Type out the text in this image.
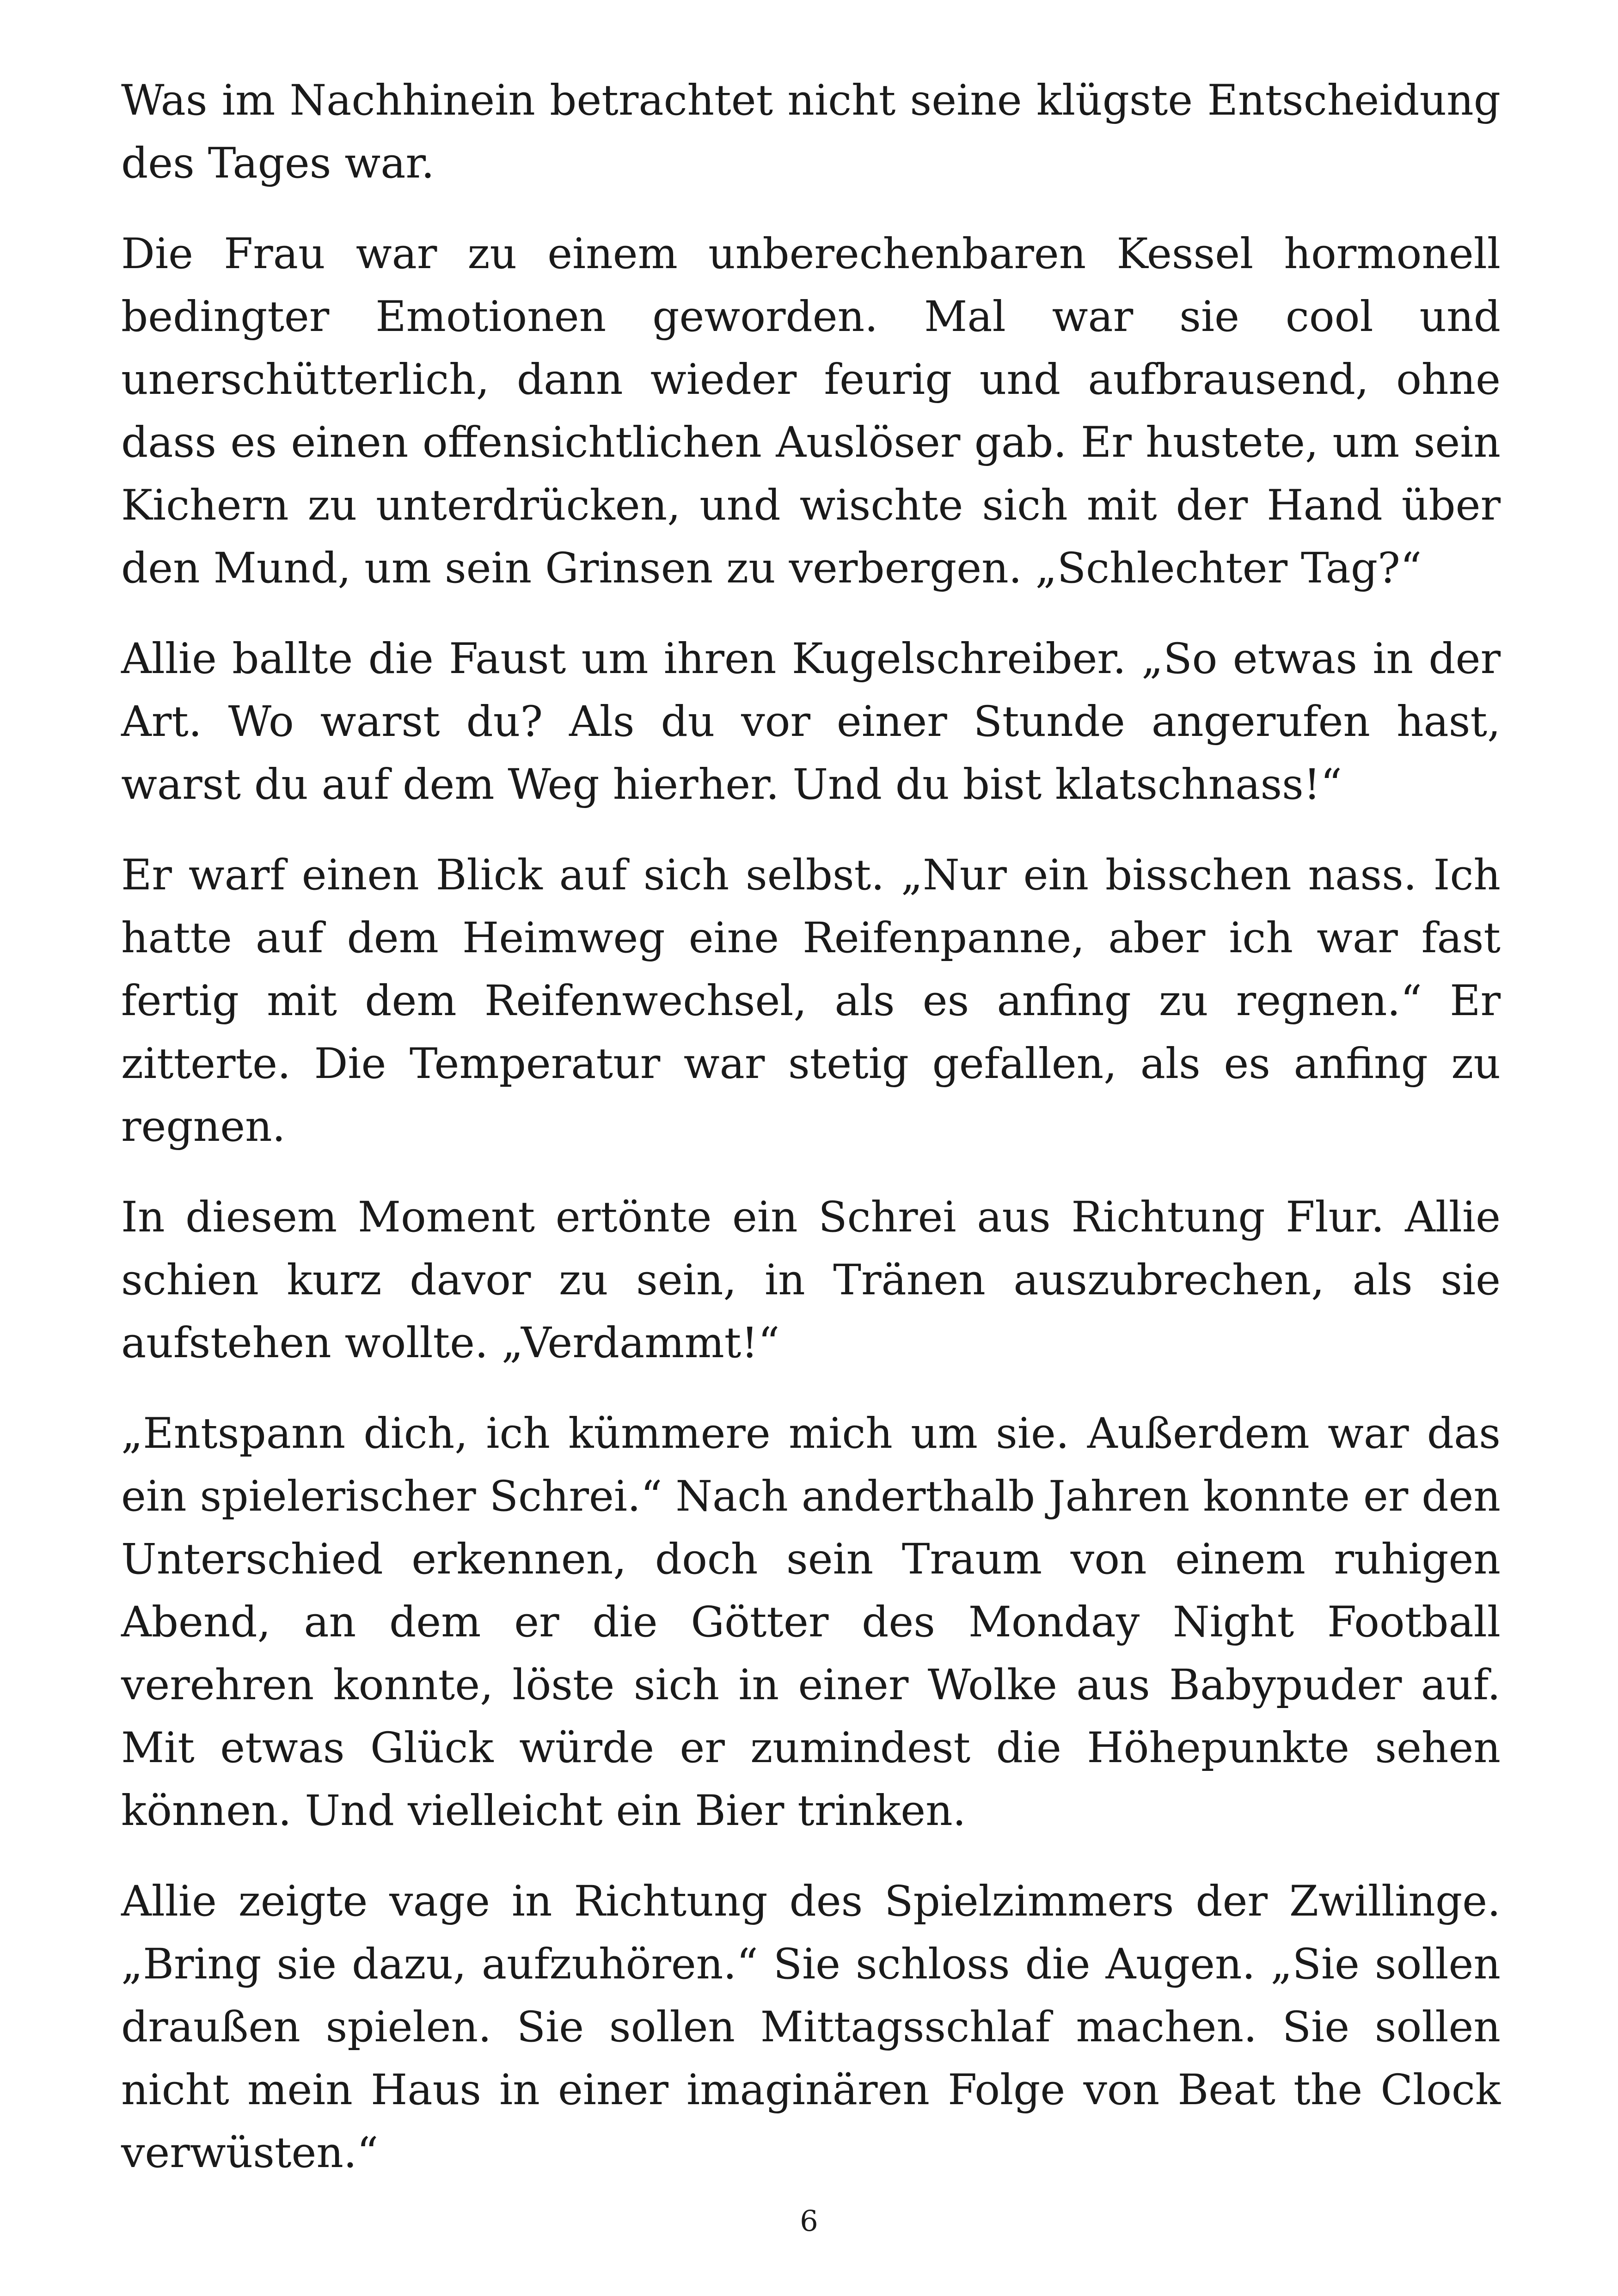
Was im Nachhinein betrachtet nicht seine klügste Entscheidung des Tages war.

Die Frau war zu einem unberechenbaren Kessel hormonell bedingter Emotionen geworden. Mal war sie cool und unerschütterlich, dann wieder feurig und aufbrausend, ohne dass es einen offensichtlichen Auslöser gab. Er hustete, um sein Kichern zu unterdrücken, und wischte sich mit der Hand über den Mund, um sein Grinsen zu verbergen. „Schlechter Tag?“

Allie ballte die Faust um ihren Kugelschreiber. „So etwas in der Art. Wo warst du? Als du vor einer Stunde angerufen hast, warst du auf dem Weg hierher. Und du bist klatschnass!“

Er warf einen Blick auf sich selbst. „Nur ein bisschen nass. Ich hatte auf dem Heimweg eine Reifenpanne, aber ich war fast fertig mit dem Reifenwechsel, als es anfing zu regnen.“ Er zitterte. Die Temperatur war stetig gefallen, als es anfing zu regnen.

In diesem Moment ertönte ein Schrei aus Richtung Flur. Allie schien kurz davor zu sein, in Tränen auszubrechen, als sie aufstehen wollte. „Verdammt!“

„Entspann dich, ich kümmere mich um sie. Außerdem war das ein spielerischer Schrei.“ Nach anderthalb Jahren konnte er den Unterschied erkennen, doch sein Traum von einem ruhigen Abend, an dem er die Götter des Monday Night Football verehren konnte, löste sich in einer Wolke aus Babypuder auf. Mit etwas Glück würde er zumindest die Höhepunkte sehen können. Und vielleicht ein Bier trinken.

Allie zeigte vage in Richtung des Spielzimmers der Zwillinge. „Bring sie dazu, aufzuhören.“ Sie schloss die Augen. „Sie sollen draußen spielen. Sie sollen Mittagsschlaf machen. Sie sollen nicht mein Haus in einer imaginären Folge von Beat the Clock verwüsten.“

6
